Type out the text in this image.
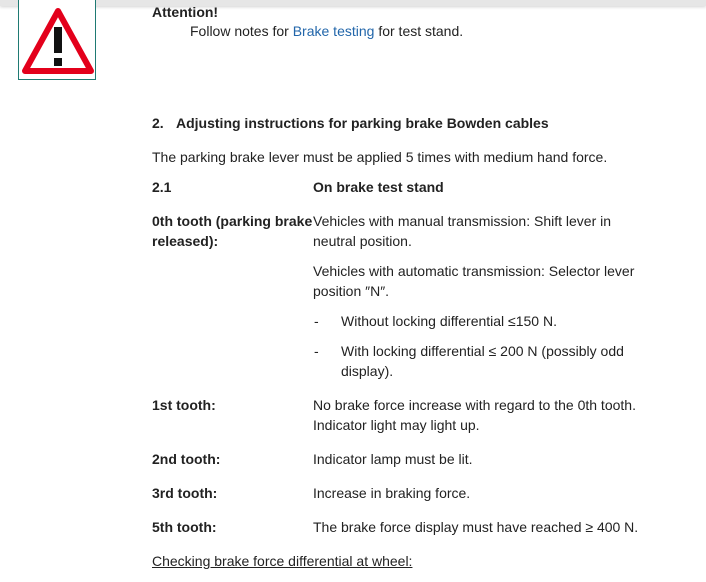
Attention!
Follow notes for Brake testing for test stand.
2. Adjusting instructions for parking brake Bowden cables
The parking brake lever must be applied 5 times with medium hand force.
2.1	On brake test stand
0th tooth (parking brake
released):
Vehicles with manual transmission: Shift lever in
neutral position.
Vehicles with automatic transmission: Selector lever
position ″N″.
- Without locking differential ≤150 N.
- With locking differential ≤ 200 N (possibly odd
display).
1st tooth:	No brake force increase with regard to the 0th tooth.
Indicator light may light up.
2nd tooth:	Indicator lamp must be lit.
3rd tooth:	Increase in braking force.
5th tooth:	The brake force display must have reached ≥ 400 N.
Checking brake force differential at wheel:
